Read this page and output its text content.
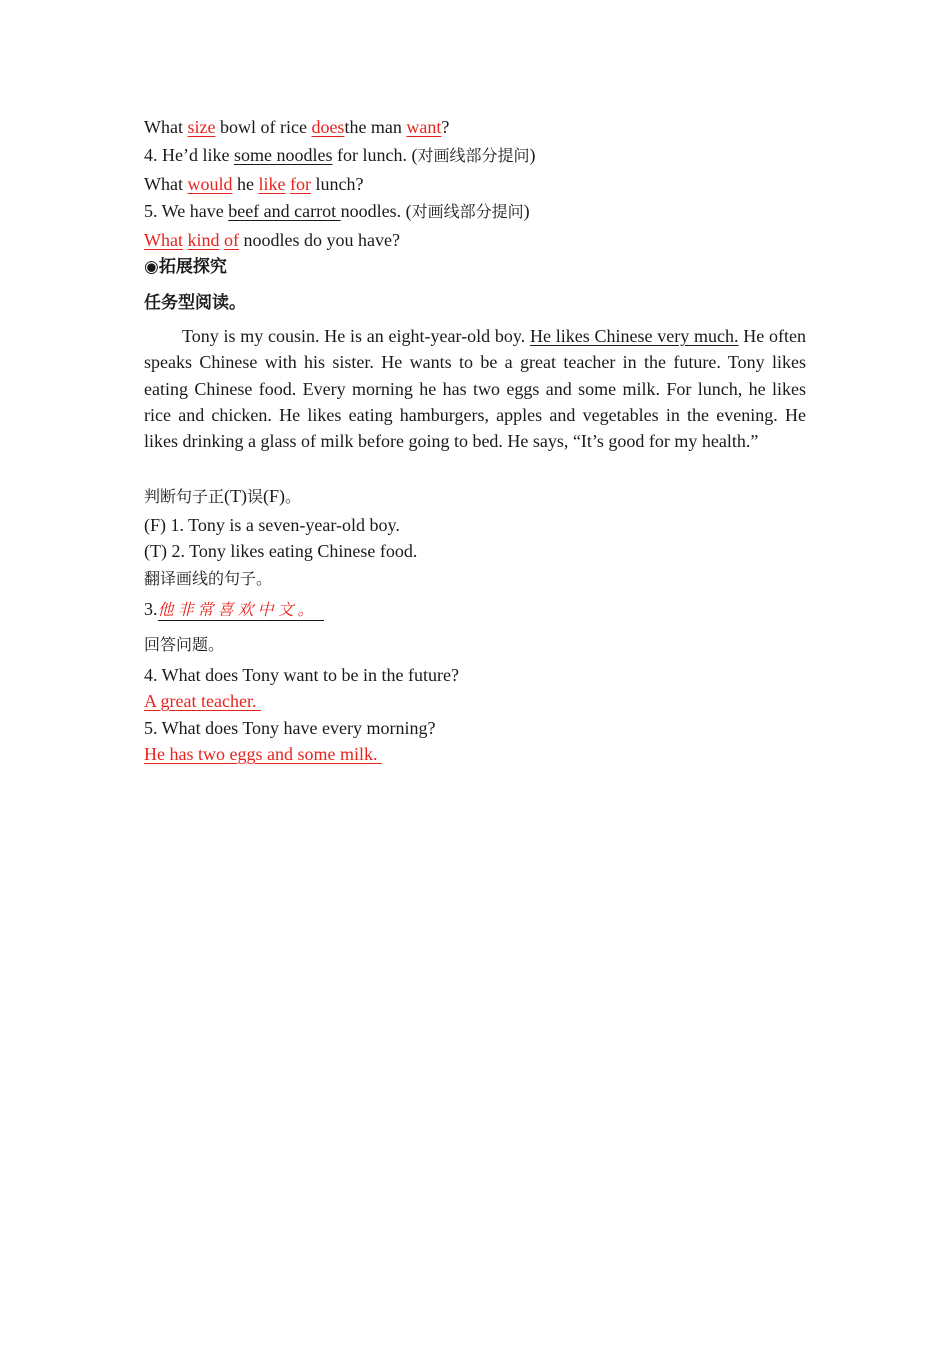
What size bowl of rice doesthe man want?
4. He’d like some noodles for lunch. (对画线部分提问)
What would he like for lunch?
5. We have beef and carrot noodles. (对画线部分提问)
What kind of noodles do you have?
◉拓展探究
任务型阅读。
Tony is my cousin. He is an eight-year-old boy. He likes Chinese very much. He often speaks Chinese with his sister. He wants to be a great teacher in the future. Tony likes eating Chinese food. Every morning he has two eggs and some milk. For lunch, he likes rice and chicken. He likes eating hamburgers, apples and vegetables in the evening. He likes drinking a glass of milk before going to bed. He says, “It’s good for my health.”
判断句子正(T)误(F)。
(F) 1. Tony is a seven-year-old boy.
(T) 2. Tony likes eating Chinese food.
翻译画线的句子。
3.他非常喜欢中文。
回答问题。
4. What does Tony want to be in the future?
A great teacher.
5. What does Tony have every morning?
He has two eggs and some milk.
